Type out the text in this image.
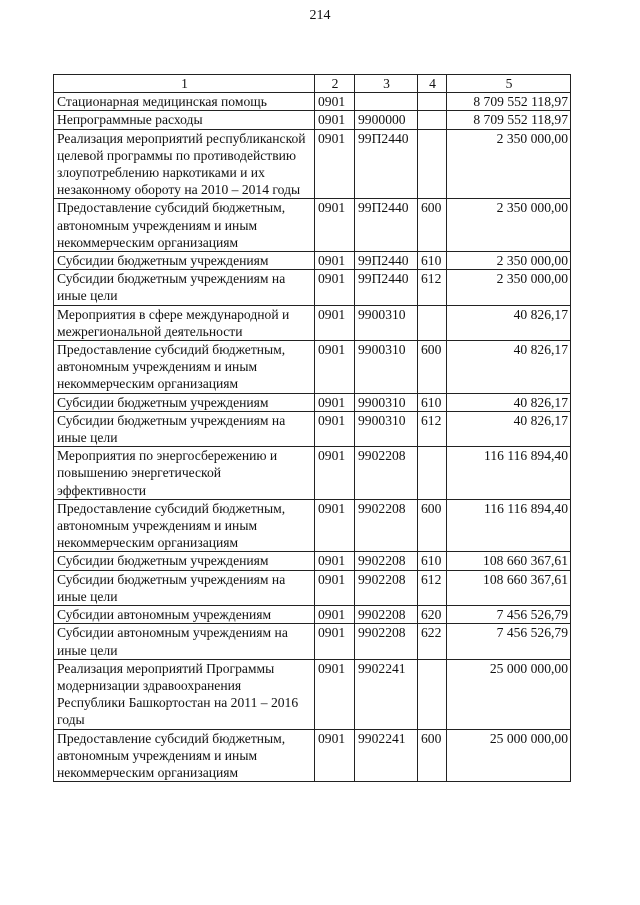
214
1	2	3	4	5
Стационарная медицинская помощь	0901			8 709 552 118,97
Непрограммные расходы	0901	9900000		8 709 552 118,97
Реализация мероприятий республиканской целевой программы по противодействию злоупотреблению наркотиками и их незаконному обороту на 2010 – 2014 годы	0901	99П2440		2 350 000,00
Предоставление субсидий бюджетным, автономным учреждениям и иным некоммерческим организациям	0901	99П2440	600	2 350 000,00
Субсидии бюджетным учреждениям	0901	99П2440	610	2 350 000,00
Субсидии бюджетным учреждениям на иные цели	0901	99П2440	612	2 350 000,00
Мероприятия в сфере международной и межрегиональной деятельности	0901	9900310		40 826,17
Предоставление субсидий бюджетным, автономным учреждениям и иным некоммерческим организациям	0901	9900310	600	40 826,17
Субсидии бюджетным учреждениям	0901	9900310	610	40 826,17
Субсидии бюджетным учреждениям на иные цели	0901	9900310	612	40 826,17
Мероприятия по энергосбережению и повышению энергетической эффективности	0901	9902208		116 116 894,40
Предоставление субсидий бюджетным, автономным учреждениям и иным некоммерческим организациям	0901	9902208	600	116 116 894,40
Субсидии бюджетным учреждениям	0901	9902208	610	108 660 367,61
Субсидии бюджетным учреждениям на иные цели	0901	9902208	612	108 660 367,61
Субсидии автономным учреждениям	0901	9902208	620	7 456 526,79
Субсидии автономным учреждениям на иные цели	0901	9902208	622	7 456 526,79
Реализация мероприятий Программы модернизации здравоохранения Республики Башкортостан на 2011 – 2016 годы	0901	9902241		25 000 000,00
Предоставление субсидий бюджетным, автономным учреждениям и иным некоммерческим организациям	0901	9902241	600	25 000 000,00
